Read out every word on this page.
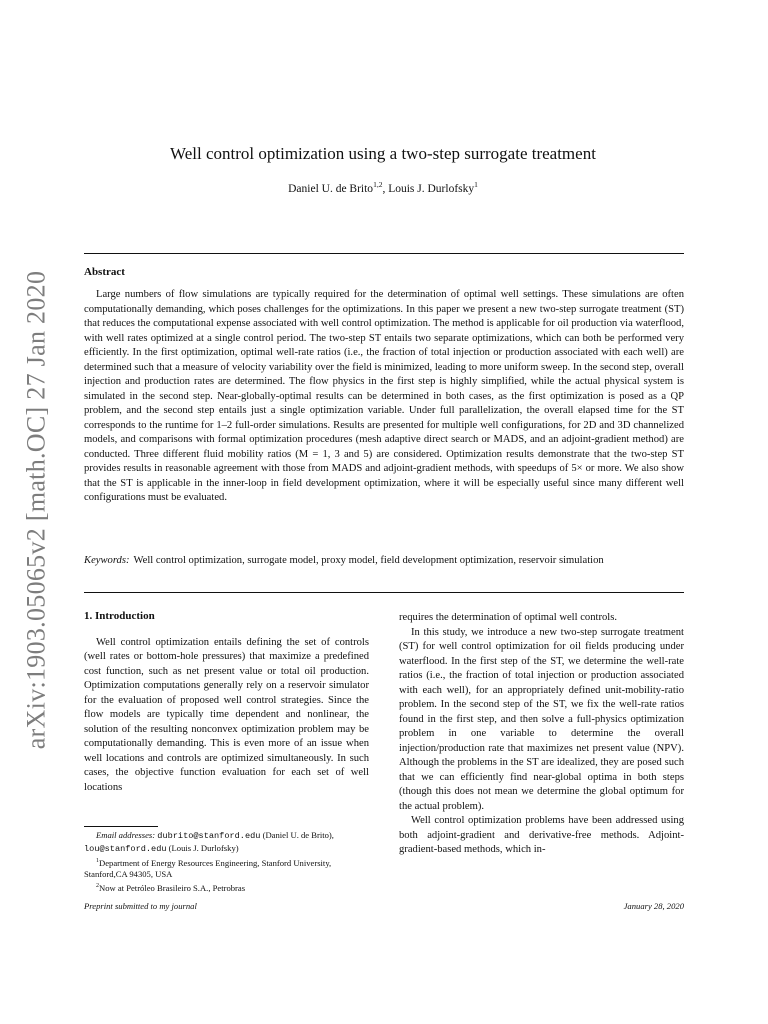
arXiv:1903.05065v2 [math.OC] 27 Jan 2020
Well control optimization using a two-step surrogate treatment
Daniel U. de Brito$^{1,2}$, Louis J. Durlofsky$^1$
Abstract

Large numbers of flow simulations are typically required for the determination of optimal well settings. These simulations are often computationally demanding, which poses challenges for the optimizations. In this paper we present a new two-step surrogate treatment (ST) that reduces the computational expense associated with well control optimization. The method is applicable for oil production via waterflood, with well rates optimized at a single control period. The two-step ST entails two separate optimizations, which can both be performed very efficiently. In the first optimization, optimal well-rate ratios (i.e., the fraction of total injection or production associated with each well) are determined such that a measure of velocity variability over the field is minimized, leading to more uniform sweep. In the second step, overall injection and production rates are determined. The flow physics in the first step is highly simplified, while the actual physical system is simulated in the second step. Near-globally-optimal results can be determined in both cases, as the first optimization is posed as a QP problem, and the second step entails just a single optimization variable. Under full parallelization, the overall elapsed time for the ST corresponds to the runtime for 1–2 full-order simulations. Results are presented for multiple well configurations, for 2D and 3D channelized models, and comparisons with formal optimization procedures (mesh adaptive direct search or MADS, and an adjoint-gradient method) are conducted. Three different fluid mobility ratios (M = 1, 3 and 5) are considered. Optimization results demonstrate that the two-step ST provides results in reasonable agreement with those from MADS and adjoint-gradient methods, with speedups of 5× or more. We also show that the ST is applicable in the inner-loop in field development optimization, where it will be especially useful since many different well configurations must be evaluated.

Keywords: Well control optimization, surrogate model, proxy model, field development optimization, reservoir simulation

1. Introduction

Well control optimization entails defining the set of controls (well rates or bottom-hole pressures) that maximize a predefined cost function, such as net present value or total oil production. Optimization computations generally rely on a reservoir simulator for the evaluation of proposed well control strategies. Since the flow models are typically time dependent and nonlinear, the solution of the resulting nonconvex optimization problem may be computationally demanding. This is even more of an issue when well locations and controls are optimized simultaneously. In such cases, the objective function evaluation for each set of well locations

requires the determination of optimal well controls.

In this study, we introduce a new two-step surrogate treatment (ST) for well control optimization for oil fields producing under waterflood. In the first step of the ST, we determine the well-rate ratios (i.e., the fraction of total injection or production associated with each well), for an appropriately defined unit-mobility-ratio problem. In the second step of the ST, we fix the well-rate ratios found in the first step, and then solve a full-physics optimization problem in one variable to determine the overall injection/production rate that maximizes net present value (NPV). Although the problems in the ST are idealized, they are posed such that we can efficiently find near-global optima in both steps (though this does not mean we determine the global optimum for the actual problem).

Well control optimization problems have been addressed using both adjoint-gradient and derivative-free methods. Adjoint-gradient-based methods, which in-

Email addresses: dubrito@stanford.edu (Daniel U. de Brito), lou@stanford.edu (Louis J. Durlofsky)

$^1$Department of Energy Resources Engineering, Stanford University, Stanford,CA 94305, USA

$^2$Now at Petróleo Brasileiro S.A., Petrobras

Preprint submitted to my journal	January 28, 2020
